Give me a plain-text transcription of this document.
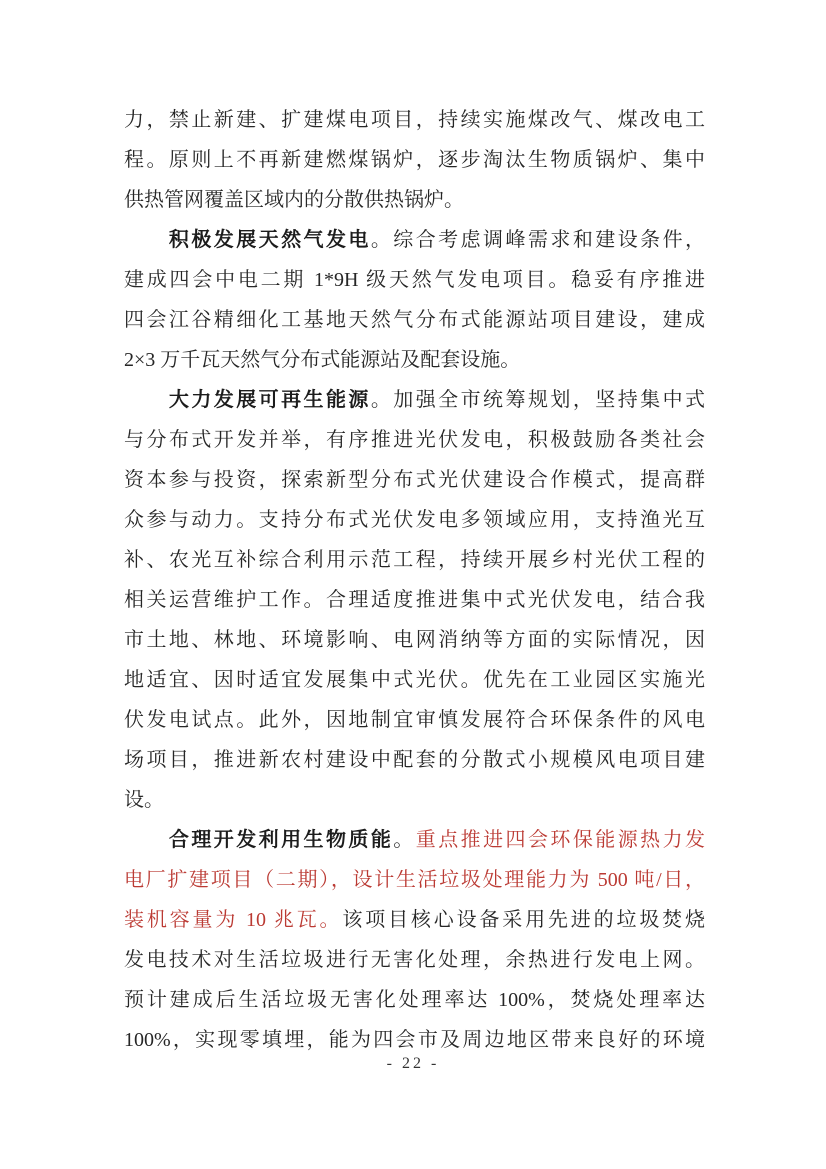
力，禁止新建、扩建煤电项目，持续实施煤改气、煤改电工
程。原则上不再新建燃煤锅炉，逐步淘汰生物质锅炉、集中
供热管网覆盖区域内的分散供热锅炉。
　　积极发展天然气发电。综合考虑调峰需求和建设条件，
建成四会中电二期 1*9H 级天然气发电项目。稳妥有序推进
四会江谷精细化工基地天然气分布式能源站项目建设，建成
2×3 万千瓦天然气分布式能源站及配套设施。
　　大力发展可再生能源。加强全市统筹规划，坚持集中式
与分布式开发并举，有序推进光伏发电，积极鼓励各类社会
资本参与投资，探索新型分布式光伏建设合作模式，提高群
众参与动力。支持分布式光伏发电多领域应用，支持渔光互
补、农光互补综合利用示范工程，持续开展乡村光伏工程的
相关运营维护工作。合理适度推进集中式光伏发电，结合我
市土地、林地、环境影响、电网消纳等方面的实际情况，因
地适宜、因时适宜发展集中式光伏。优先在工业园区实施光
伏发电试点。此外，因地制宜审慎发展符合环保条件的风电
场项目，推进新农村建设中配套的分散式小规模风电项目建
设。
　　合理开发利用生物质能。重点推进四会环保能源热力发
电厂扩建项目（二期），设计生活垃圾处理能力为 500 吨/日，
装机容量为 10 兆瓦。该项目核心设备采用先进的垃圾焚烧
发电技术对生活垃圾进行无害化处理，余热进行发电上网。
预计建成后生活垃圾无害化处理率达 100%，焚烧处理率达
100%，实现零填埋，能为四会市及周边地区带来良好的环境
- 22 -
